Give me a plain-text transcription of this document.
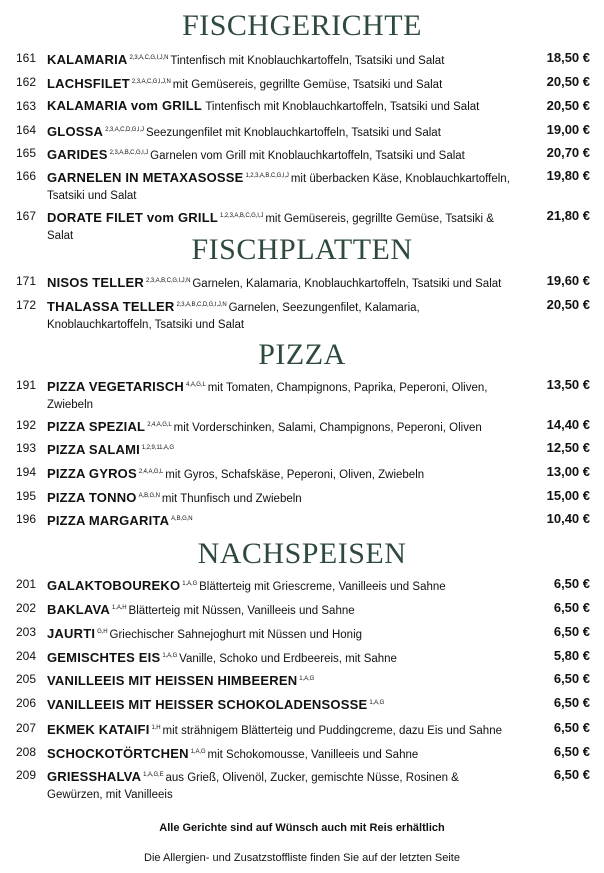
FISCHGERICHTE
161 KALAMARIA $^{2,3,A,C,G,I,J,N}$ Tintenfisch mit Knoblauchkartoffeln, Tsatsiki und Salat	18,50 €
162 LACHSFILET $^{2,3,A,C,G,I,J,N}$ mit Gemüsereis, gegrillte Gemüse, Tsatsiki und Salat	20,50 €
163 KALAMARIA vom GRILL Tintenfisch mit Knoblauchkartoffeln, Tsatsiki und Salat	20,50 €
164 GLOSSA $^{2,3,A,C,D,G,I,J}$ Seezungenfilet mit Knoblauchkartoffeln, Tsatsiki und Salat	19,00 €
165 GARIDES $^{2,3,A,B,C,G,I,J}$ Garnelen vom Grill mit Knoblauchkartoffeln, Tsatsiki und Salat	20,70 €
166 GARNELEN IN METAXASOSSE $^{1,2,3,A,B,C,G,I,J}$ mit überbacken Käse, Knoblauchkartoffeln, Tsatsiki und Salat
19,80 €
167 DORATE FILET vom GRILL $^{1,2,3,A,B,C,G,I,J}$ mit Gemüsereis, gegrillte Gemüse, Tsatsiki & Salat
21,80 €
FISCHPLATTEN
171 NISOS TELLER $^{2,3,A,B,C,G,I,J,N}$ Garnelen, Kalamaria, Knoblauchkartoffeln, Tsatsiki und Salat	19,60 €
172 THALASSA TELLER $^{2,3,A,B,C,D,G,I,J,N}$ Garnelen, Seezungenfilet, Kalamaria, Knoblauchkartoffeln, Tsatsiki und Salat
20,50 €
PIZZA
191 PIZZA VEGETARISCH $^{4,A,G,L}$ mit Tomaten, Champignons, Paprika, Peperoni, Oliven, Zwiebeln
13,50 €
192 PIZZA SPEZIAL $^{2,4,A,G,L}$ mit Vorderschinken, Salami, Champignons, Peperoni, Oliven	14,40 €
193 PIZZA SALAMI $^{1,2,9,11,A,G}$	12,50 €
194 PIZZA GYROS $^{2,4,A,G,L}$ mit Gyros, Schafskäse, Peperoni, Oliven, Zwiebeln	13,00 €
195 PIZZA TONNO $^{A,B,G,N}$ mit Thunfisch und Zwiebeln	15,00 €
196 PIZZA MARGARITA $^{A,B,G,N}$	10,40 €
NACHSPEISEN
201 GALAKTOBOUREKO $^{1,A,G}$ Blätterteig mit Griescreme, Vanilleeis und Sahne	6,50 €
202 BAKLAVA $^{1,A,H}$ Blätterteig mit Nüssen, Vanilleeis und Sahne	6,50 €
203 JAURTI $^{G,H}$ Griechischer Sahnejoghurt mit Nüssen und Honig	6,50 €
204 GEMISCHTES EIS $^{1,A,G}$ Vanille, Schoko und Erdbeereis, mit Sahne	5,80 €
205 VANILLEEIS MIT HEISSEN HIMBEEREN $^{1,A,G}$	6,50 €
206 VANILLEEIS MIT HEISSER SCHOKOLADENSOSSE $^{1,A,G}$	6,50 €
207 EKMEK KATAIFI $^{1,H}$ mit strähnigem Blätterteig und Puddingcreme, dazu Eis und Sahne	6,50 €
208 SCHOCKOTÖRTCHEN $^{1,A,G}$ mit Schokomousse, Vanilleeis und Sahne	6,50 €
209 GRIESSHALVA $^{1,A,G,E}$ aus Grieß, Olivenöl, Zucker, gemischte Nüsse, Rosinen & Gewürzen, mit Vanilleeis
6,50 €
Alle Gerichte sind auf Wünsch auch mit Reis erhältlich
Die Allergien- und Zusatzstoffliste finden Sie auf der letzten Seite
